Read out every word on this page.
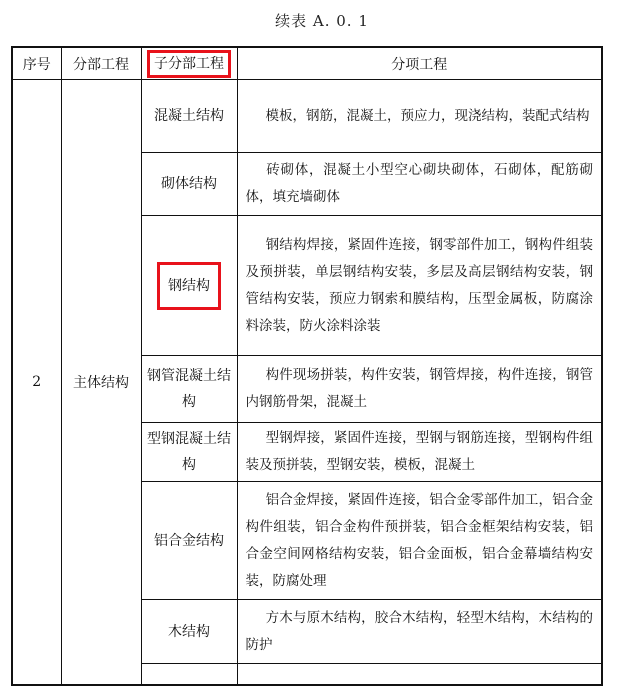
续表 A. 0. 1
序号	分部工程	子分部工程	分项工程
2	主体结构	混凝土结构	模板，钢筋，混凝土，预应力，现浇结构，装配式结构
		砌体结构	砖砌体，混凝土小型空心砌块砌体，石砌体，配筋砌体，填充墙砌体
		钢结构	钢结构焊接，紧固件连接，钢零部件加工，钢构件组装及预拼装，单层钢结构安装，多层及高层钢结构安装，钢管结构安装，预应力钢索和膜结构，压型金属板，防腐涂料涂装，防火涂料涂装
		钢管混凝土结构	构件现场拼装，构件安装，钢管焊接，构件连接，钢管内钢筋骨架，混凝土
		型钢混凝土结构	型钢焊接，紧固件连接，型钢与钢筋连接，型钢构件组装及预拼装，型钢安装，模板，混凝土
		铝合金结构	铝合金焊接，紧固件连接，铝合金零部件加工，铝合金构件组装，铝合金构件预拼装，铝合金框架结构安装，铝合金空间网格结构安装，铝合金面板，铝合金幕墙结构安装，防腐处理
		木结构	方木与原木结构，胶合木结构，轻型木结构，木结构的防护
